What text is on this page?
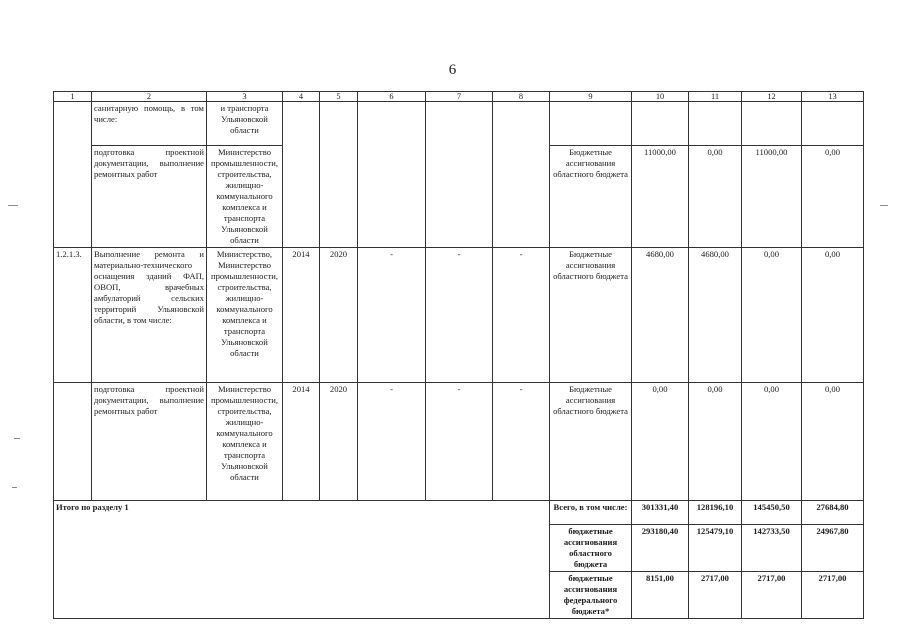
6
1	2	3	4	5	6	7	8	9	10	11	12	13
	санитарную помощь, в том числе:	и транспорта Ульяновской области										
	подготовка проектной документации, выполнение ремонтных работ	Министерство промышленности, строительства, жилищно-коммунального комплекса и транспорта Ульяновской области						Бюджетные ассигнования областного бюджета	11000,00	0,00	11000,00	0,00
1.2.1.3.	Выполнение ремонта и материально-технического оснащения зданий ФАП, ОВОП, врачебных амбулаторий сельских территорий Ульяновской области, в том числе:	Министерство, Министерство промышленности, строительства, жилищно-коммунального комплекса и транспорта Ульяновской области	2014	2020	-	-	-	Бюджетные ассигнования областного бюджета	4680,00	4680,00	0,00	0,00
	подготовка проектной документации, выполнение ремонтных работ	Министерство промышленности, строительства, жилищно-коммунального комплекса и транспорта Ульяновской области	2014	2020	-	-	-	Бюджетные ассигнования областного бюджета	0,00	0,00	0,00	0,00
Итого по разделу 1								Всего, в том числе:	301331,40	128196,10	145450,50	27684,80
								бюджетные ассигнования областного бюджета	293180,40	125479,10	142733,50	24967,80
								бюджетные ассигнования федерального бюджета*	8151,00	2717,00	2717,00	2717,00
